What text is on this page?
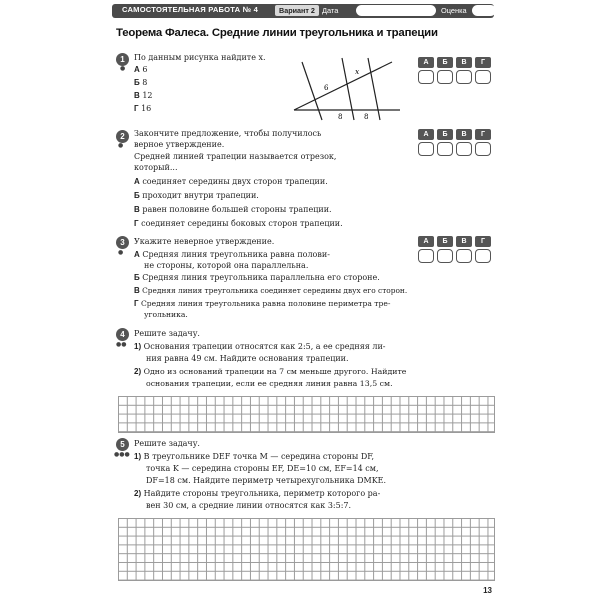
САМОСТОЯТЕЛЬНАЯ РАБОТА № 4	Вариант 2 Дата	Оценка
Теорема Фалеса. Средние линии треугольника и трапеции
1
●
По данным рисунка найдите x.
А 6
Б 8
В 12
Г 16
6
x
8	8
А	Б	В	Г
2
●
Закончите предложение, чтобы получилось
верное утверждение.
Средней линией трапеции называется отрезок,
который...
А соединяет середины двух сторон трапеции.
Б проходит внутри трапеции.
В равен половине большей стороны трапеции.
Г соединяет середины боковых сторон трапеции.
А	Б	В	Г
3
●
Укажите неверное утверждение.
А Средняя линия треугольника равна полови-
не стороны, которой она параллельна.
Б Средняя линия треугольника параллельна его стороне.
В Средняя линия треугольника соединяет середины двух его сторон.
Г Средняя линия треугольника равна половине периметра тре-
угольника.
А	Б	В	Г
4
●●
Решите задачу.
1) Основания трапеции относятся как 2:5, а ее средняя ли-
ния равна 49 см. Найдите основания трапеции.
2) Одно из оснований трапеции на 7 см меньше другого. Найдите
основания трапеции, если ее средняя линия равна 13,5 см.
5
●●●
Решите задачу.
1) В треугольнике DEF точка M — середина стороны DF,
точка K — середина стороны EF, DE=10 см, EF=14 см,
DF=18 см. Найдите периметр четырехугольника DMKE.
2) Найдите стороны треугольника, периметр которого ра-
вен 30 см, а средние линии относятся как 3:5:7.
13
